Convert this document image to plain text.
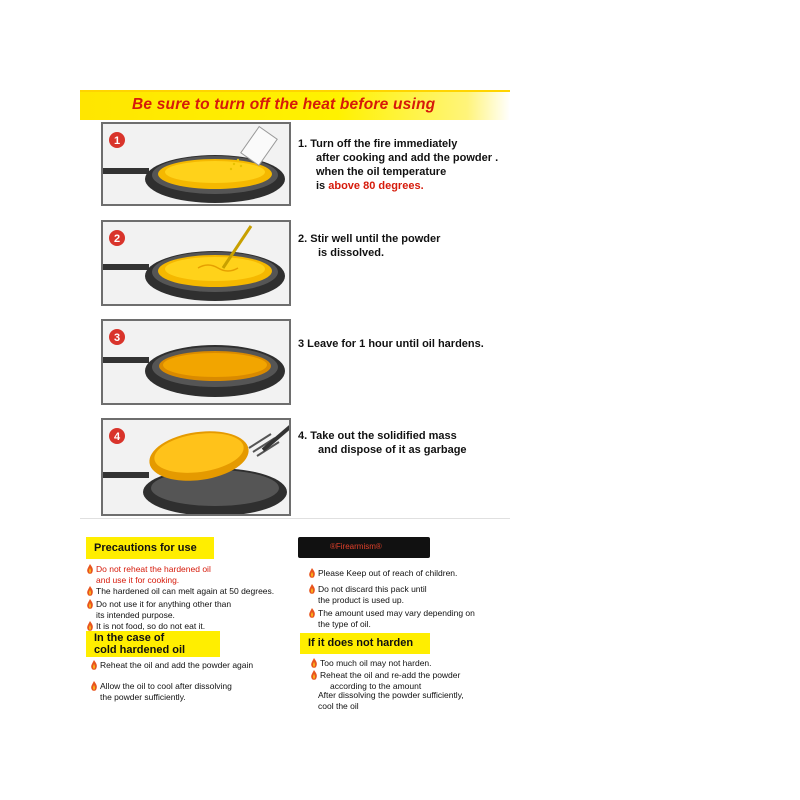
Be sure to turn off the heat before using
1	1. Turn off the fire immediately
after cooking and add the powder .
when the oil temperature
is above 80 degrees.
2	2. Stir well until the powder
is dissolved.
3	3 Leave for 1 hour until oil hardens.
4	4. Take out the solidified mass
and dispose of it as garbage
Precautions for use
Do not reheat the hardened oil
and use it for cooking.
The hardened oil can melt again at 50 degrees.
Do not use it for anything other than
its intended purpose.
It is not food, so do not eat it.
In the case of
cold hardened oil
Reheat the oil and add the powder again
Allow the oil to cool after dissolving
the powder sufficiently.
®Firearmism®
Please Keep out of reach of children.
Do not discard this pack until
the product is used up.
The amount used may vary depending on
the type of oil.
If it does not harden
Too much oil may not harden.
Reheat the oil and re-add the powder
according to the amount
After dissolving the powder sufficiently,
cool the oil
